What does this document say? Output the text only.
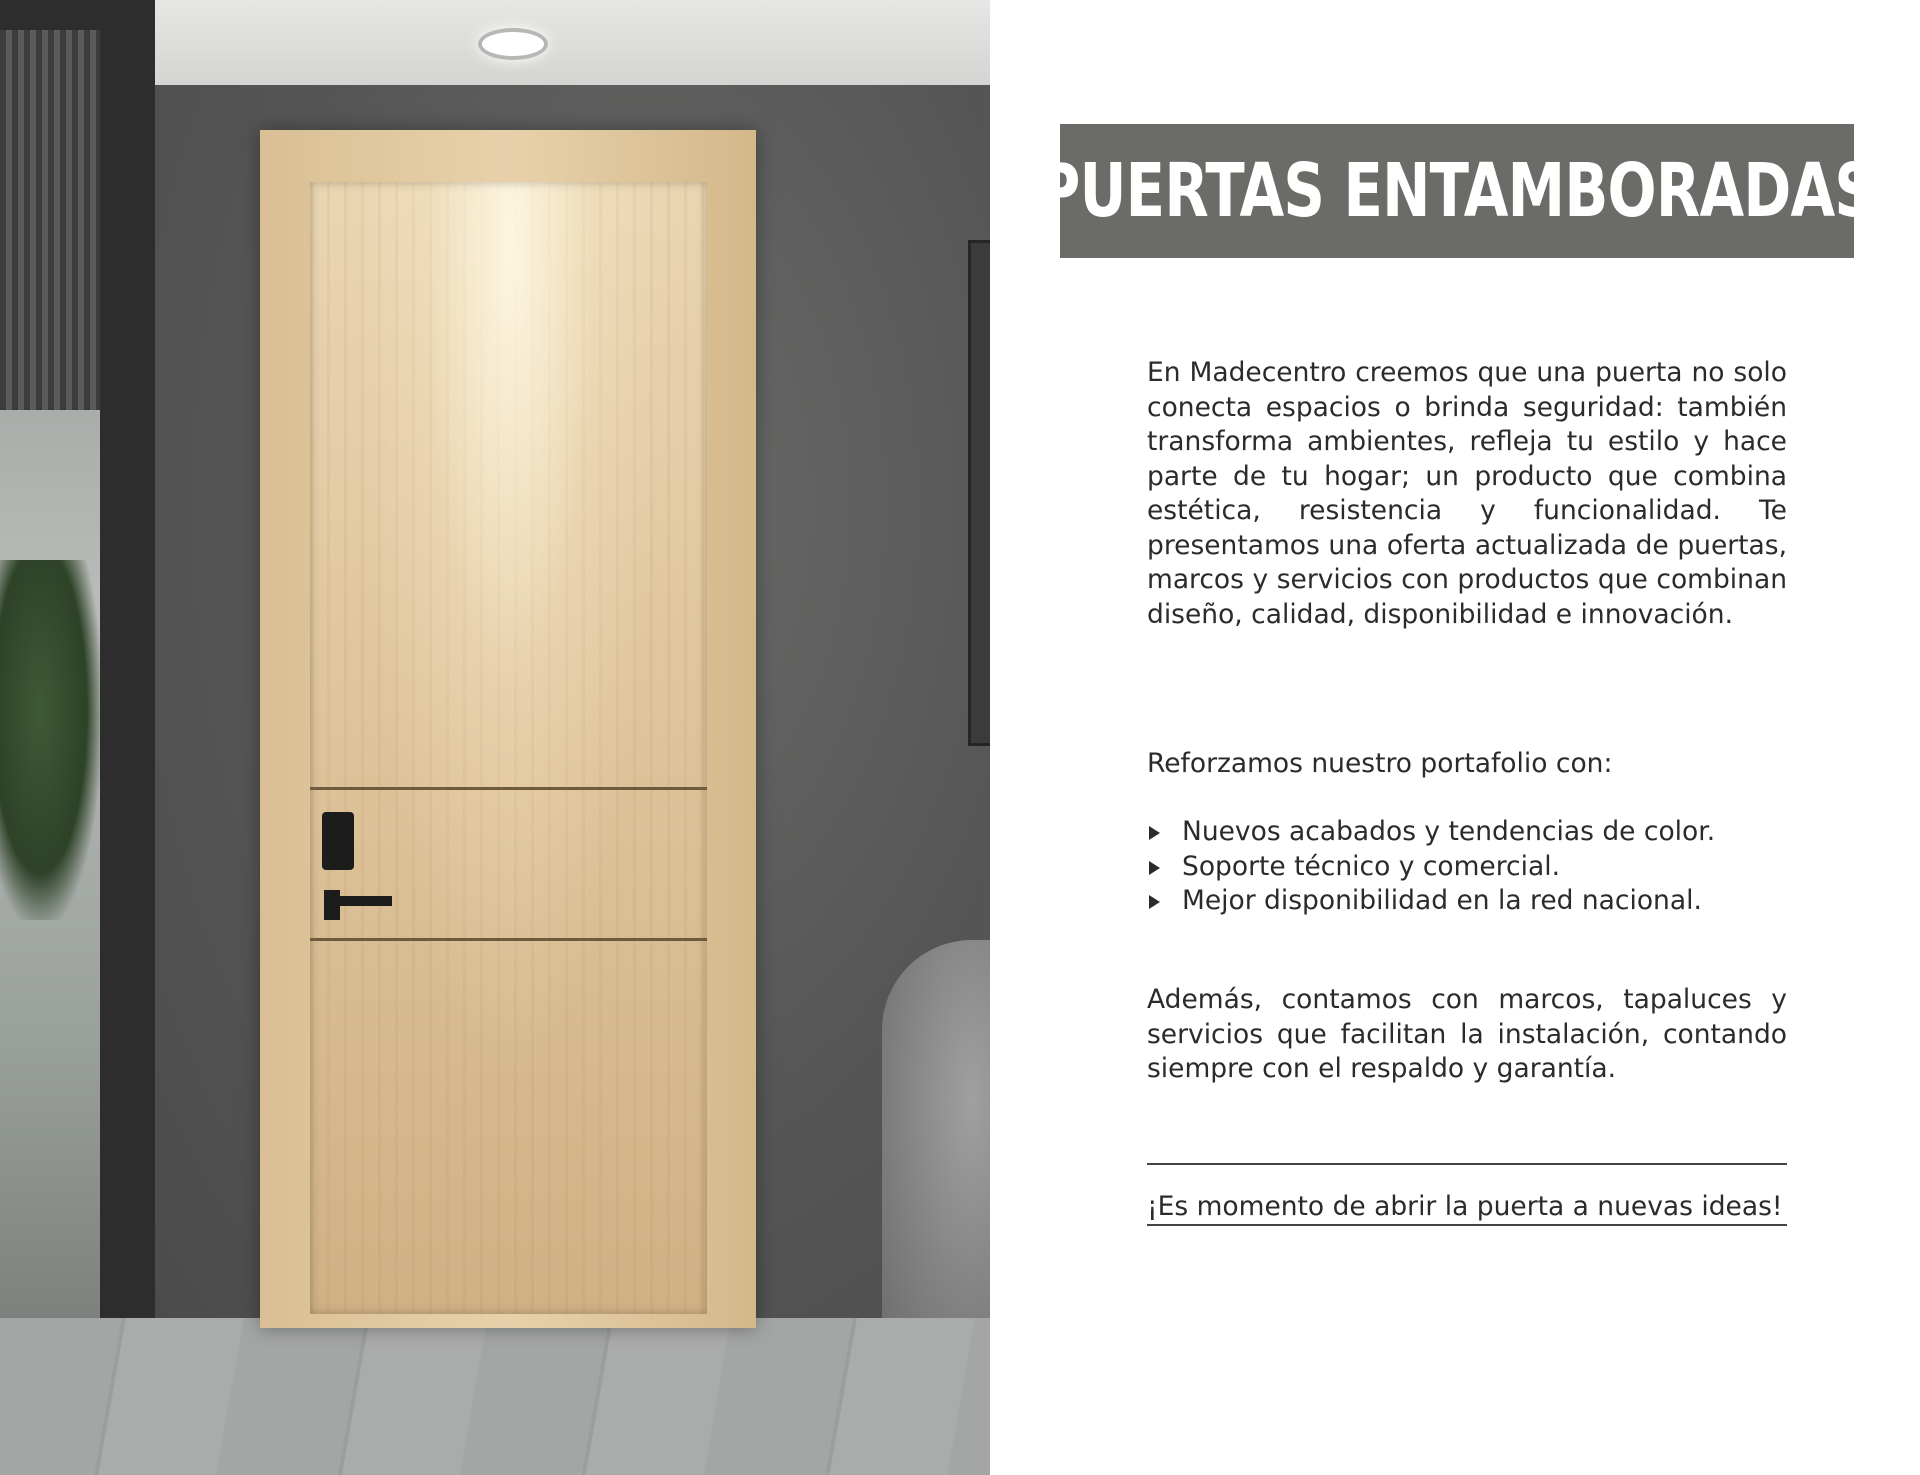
PUERTAS ENTAMBORADAS

En Madecentro creemos que una puerta no solo conecta espacios o brinda seguridad: también transforma ambientes, refleja tu estilo y hace parte de tu hogar; un producto que combina estética, resistencia y funcionalidad. Te presentamos una oferta actualizada de puertas, marcos y servicios con productos que combinan diseño, calidad, disponibilidad e innovación.

Reforzamos nuestro portafolio con:

Nuevos acabados y tendencias de color.
Soporte técnico y comercial.
Mejor disponibilidad en la red nacional.

Además, contamos con marcos, tapaluces y servicios que facilitan la instalación, contando siempre con el respaldo y garantía.

¡Es momento de abrir la puerta a nuevas ideas!
